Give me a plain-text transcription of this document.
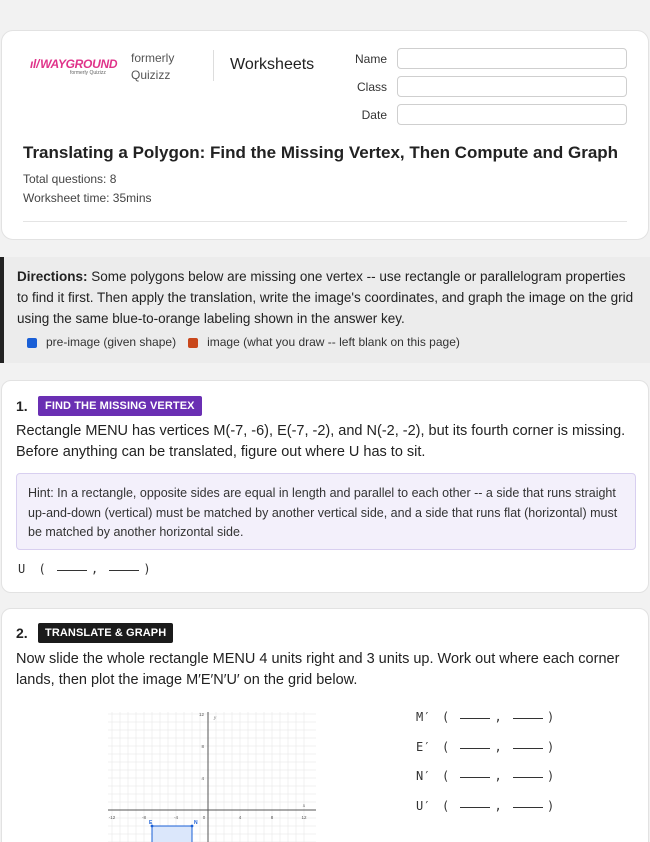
ıl/WAYGROUND
formerly Quizizz
formerly
Quizizz
Worksheets	Name
Class
Date
Translating a Polygon: Find the Missing Vertex, Then Compute and Graph
Total questions: 8
Worksheet time: 35mins
Directions: Some polygons below are missing one vertex -- use rectangle or parallelogram properties to find it first. Then apply the translation, write the image's coordinates, and graph the image on the grid using the same blue-to-orange labeling shown in the answer key.
pre-image (given shape)	image (what you draw -- left blank on this page)
1.	FIND THE MISSING VERTEX
Rectangle MENU has vertices M(-7, -6), E(-7, -2), and N(-2, -2), but its fourth corner is missing. Before anything can be translated, figure out where U has to sit.
Hint: In a rectangle, opposite sides are equal in length and parallel to each other -- a side that runs straight up-and-down (vertical) must be matched by another vertical side, and a side that runs flat (horizontal) must be matched by another horizontal side.
U (	,	)
2.	TRANSLATE & GRAPH
Now slide the whole rectangle MENU 4 units right and 3 units up. Work out where each corner lands, then plot the image M′E′N′U′ on the grid below.
M′ (	,	)
E′ (	,	)
N′ (	,	)
U′ (	,	)
-12	-8	-4	0	4	8	12
12
8
4
x
y
E	N
